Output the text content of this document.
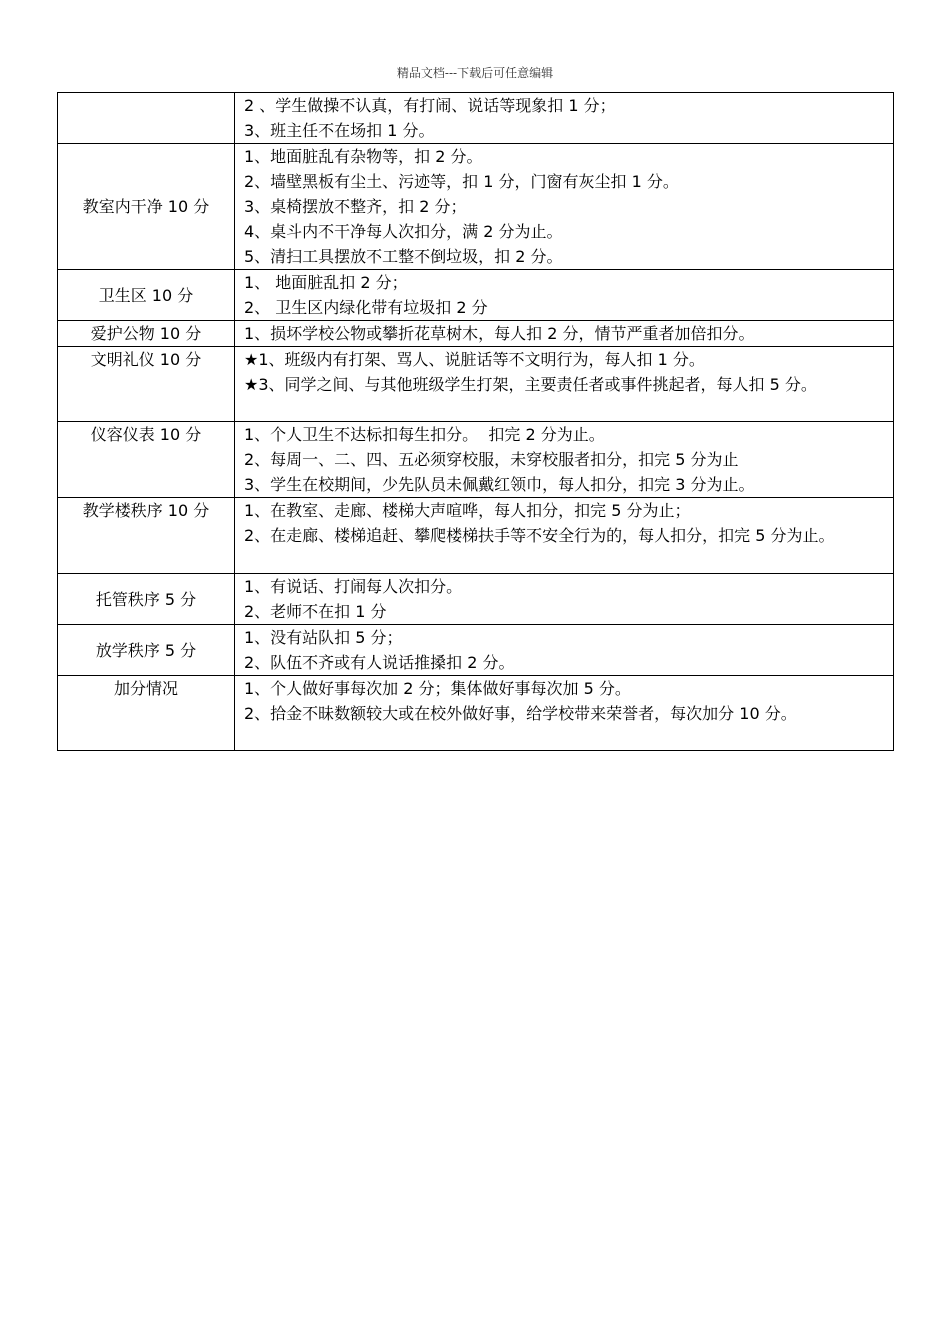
精品文档---下载后可任意编辑

	2 、学生做操不认真，有打闹、说话等现象扣 1 分；
3、班主任不在场扣 1 分。

教室内干净 10 分	1、地面脏乱有杂物等，扣 2 分。
2、墙壁黑板有尘土、污迹等，扣 1 分，门窗有灰尘扣 1 分。
3、桌椅摆放不整齐，扣 2 分；
4、桌斗内不干净每人次扣分，满 2 分为止。
5、清扫工具摆放不工整不倒垃圾，扣 2 分。

卫生区 10 分	1、 地面脏乱扣 2 分；
2、 卫生区内绿化带有垃圾扣 2 分

爱护公物 10 分	1、损坏学校公物或攀折花草树木，每人扣 2 分，情节严重者加倍扣分。

文明礼仪 10 分	★1、班级内有打架、骂人、说脏话等不文明行为，每人扣 1 分。
★3、同学之间、与其他班级学生打架，主要责任者或事件挑起者，每人扣 5 分。

仪容仪表 10 分	1、个人卫生不达标扣每生扣分。  扣完 2 分为止。
2、每周一、二、四、五必须穿校服，未穿校服者扣分，扣完 5 分为止
3、学生在校期间，少先队员未佩戴红领巾，每人扣分，扣完 3 分为止。

教学楼秩序 10 分	1、在教室、走廊、楼梯大声喧哗，每人扣分，扣完 5 分为止；
2、在走廊、楼梯追赶、攀爬楼梯扶手等不安全行为的，每人扣分，扣完 5 分为止。

托管秩序 5 分	1、有说话、打闹每人次扣分。
2、老师不在扣 1 分

放学秩序 5 分	1、没有站队扣 5 分；
2、队伍不齐或有人说话推搡扣 2 分。

加分情况	1、个人做好事每次加 2 分；集体做好事每次加 5 分。
2、拾金不昧数额较大或在校外做好事，给学校带来荣誉者，每次加分 10 分。
